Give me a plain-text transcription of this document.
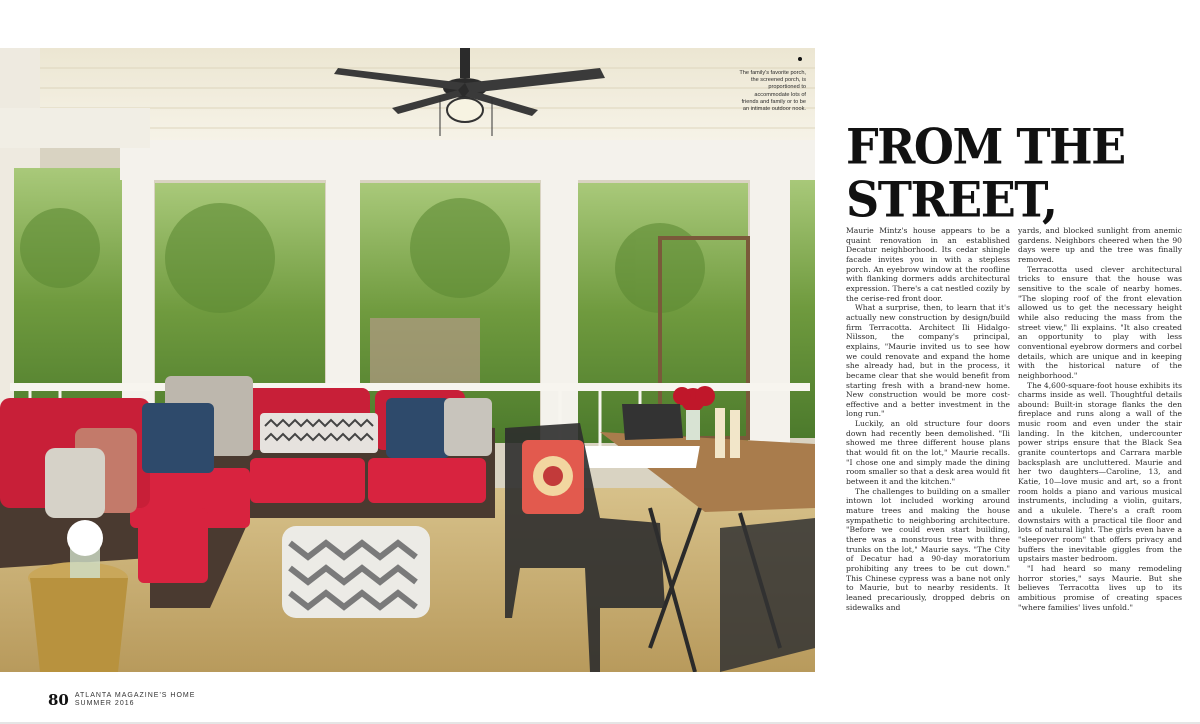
The family's favorite porch, the screened porch, is proportioned to accommodate lots of friends and family or to be an intimate outdoor nook.
FROM THE
STREET,

Maurie Mintz's house appears to be a quaint renovation in an established Decatur neighborhood. Its cedar shingle facade invites you in with a stepless porch. An eyebrow window at the roofline with flanking dormers adds architectural expression. There's a cat nestled cozily by the cerise-red front door.

What a surprise, then, to learn that it's actually new construction by design/build firm Terracotta. Architect Ili Hidalgo-Nilsson, the company's principal, explains, "Maurie invited us to see how we could renovate and expand the home she already had, but in the process, it became clear that she would benefit from starting fresh with a brand-new home. New construction would be more cost-effective and a better investment in the long run."

Luckily, an old structure four doors down had recently been demolished. "Ili showed me three different house plans that would fit on the lot," Maurie recalls. "I chose one and simply made the dining room smaller so that a desk area would fit between it and the kitchen."

The challenges to building on a smaller intown lot included working around mature trees and making the house sympathetic to neighboring architecture. "Before we could even start building, there was a monstrous tree with three trunks on the lot," Maurie says. "The City of Decatur had a 90-day moratorium prohibiting any trees to be cut down." This Chinese cypress was a bane not only to Maurie, but to nearby residents. It leaned precariously, dropped debris on sidewalks and

yards, and blocked sunlight from anemic gardens. Neighbors cheered when the 90 days were up and the tree was finally removed.

Terracotta used clever architectural tricks to ensure that the house was sensitive to the scale of nearby homes. "The sloping roof of the front elevation allowed us to get the necessary height while also reducing the mass from the street view," Ili explains. "It also created an opportunity to play with less conventional eyebrow dormers and corbel details, which are unique and in keeping with the historical nature of the neighborhood."

The 4,600-square-foot house exhibits its charms inside as well. Thoughtful details abound: Built-in storage flanks the den fireplace and runs along a wall of the music room and even under the stair landing. In the kitchen, undercounter power strips ensure that the Black Sea granite countertops and Carrara marble backsplash are uncluttered. Maurie and her two daughters—Caroline, 13, and Katie, 10—love music and art, so a front room holds a piano and various musical instruments, including a violin, guitars, and a ukulele. There's a craft room downstairs with a practical tile floor and lots of natural light. The girls even have a "sleepover room" that offers privacy and buffers the inevitable giggles from the upstairs master bedroom.

"I had heard so many remodeling horror stories," says Maurie. But she believes Terracotta lives up to its ambitious promise of creating spaces "where families' lives unfold."

80 ATLANTA MAGAZINE'S HOME
SUMMER 2016
